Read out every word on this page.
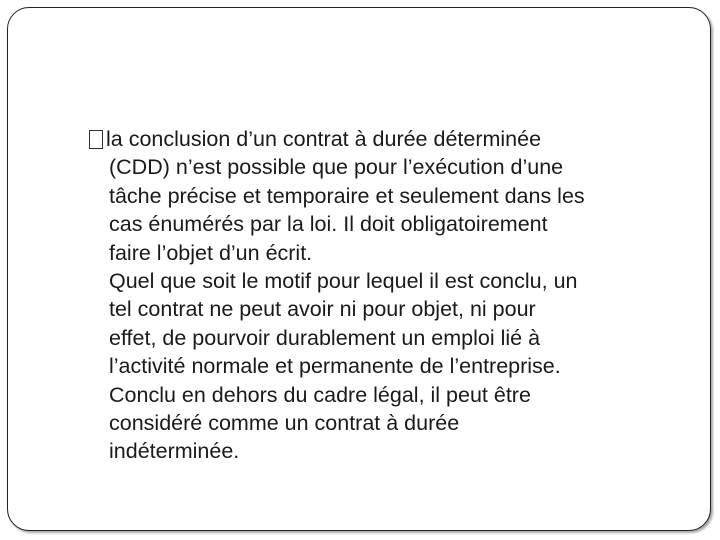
la conclusion d’un contrat à durée déterminée
(CDD) n’est possible que pour l’exécution d’une
tâche précise et temporaire et seulement dans les
cas énumérés par la loi. Il doit obligatoirement
faire l’objet d’un écrit.
Quel que soit le motif pour lequel il est conclu, un
tel contrat ne peut avoir ni pour objet, ni pour
effet, de pourvoir durablement un emploi lié à
l’activité normale et permanente de l’entreprise.
Conclu en dehors du cadre légal, il peut être
considéré comme un contrat à durée
indéterminée.
